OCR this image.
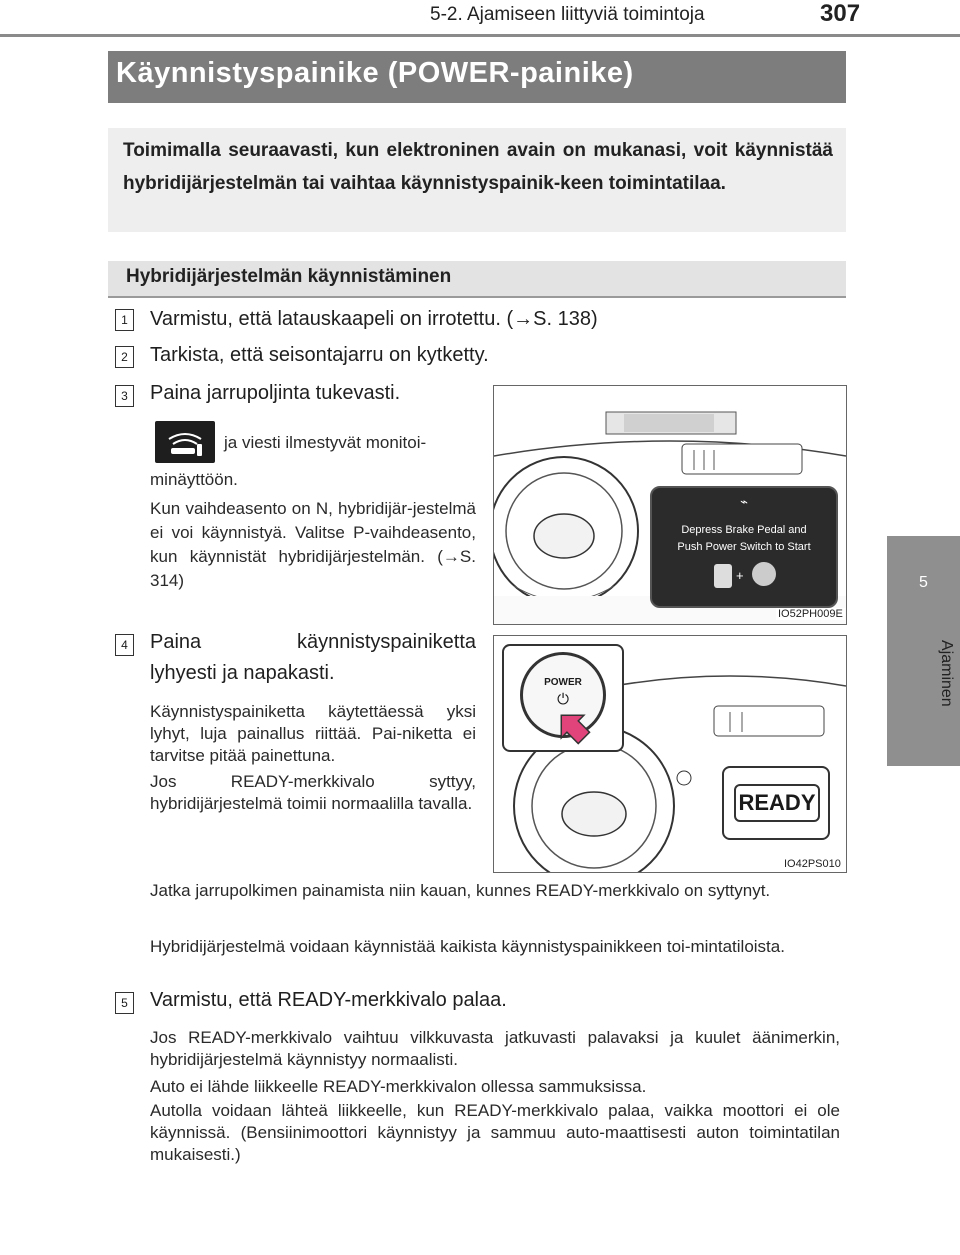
5-2. Ajamiseen liittyviä toimintoja	307
5
Ajaminen
Käynnistyspainike (POWER-painike)
Toimimalla seuraavasti, kun elektroninen avain on mukanasi, voit käynnistää hybridijärjestelmän tai vaihtaa käynnistyspainik-keen toimintatilaa.
Hybridijärjestelmän käynnistäminen
1	Varmistu, että latauskaapeli on irrotettu. (→S. 138)
2	Tarkista, että seisontajarru on kytketty.
3	Paina jarrupoljinta tukevasti.
ja viesti ilmestyvät monitoi-
minäyttöön.
Kun vaihdeasento on N, hybridijär-jestelmä ei voi käynnistyä. Valitse P-vaihdeasento, kun käynnistät hybridijärjestelmän. (→S. 314)
⌁
Depress Brake Pedal and
Push Power Switch to Start
+
IO52PH009E
4	Paina	käynnistyspainiketta
lyhyesti ja napakasti.
Käynnistyspainiketta käytettäessä yksi lyhyt, luja painallus riittää. Pai-niketta ei tarvitse pitää painettuna.
Jos READY-merkkivalo syttyy, hybridijärjestelmä toimii normaalilla tavalla.
Jatka jarrupolkimen painamista niin kauan, kunnes READY-merkkivalo on syttynyt.
Hybridijärjestelmä voidaan käynnistää kaikista käynnistyspainikkeen toi-mintatiloista.
POWER
⏻
READY
IO42PS010
5	Varmistu, että READY-merkkivalo palaa.
Jos READY-merkkivalo vaihtuu vilkkuvasta jatkuvasti palavaksi ja kuulet äänimerkin, hybridijärjestelmä käynnistyy normaalisti.
Auto ei lähde liikkeelle READY-merkkivalon ollessa sammuksissa.
Autolla voidaan lähteä liikkeelle, kun READY-merkkivalo palaa, vaikka moottori ei ole käynnissä. (Bensiinimoottori käynnistyy ja sammuu auto-maattisesti auton toimintatilan mukaisesti.)
